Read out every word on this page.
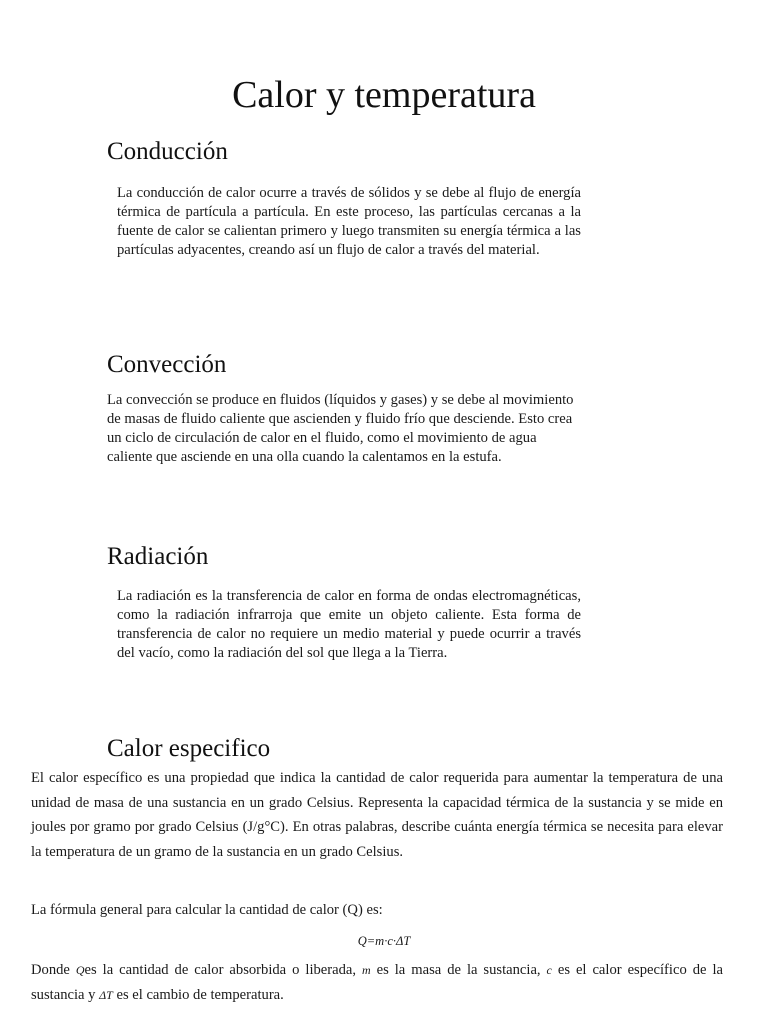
Calor y temperatura
Conducción
La conducción de calor ocurre a través de sólidos y se debe al flujo de energía térmica de partícula a partícula. En este proceso, las partículas cercanas a la fuente de calor se calientan primero y luego transmiten su energía térmica a las partículas adyacentes, creando así un flujo de calor a través del material.
Convección
La convección se produce en fluidos (líquidos y gases) y se debe al movimiento de masas de fluido caliente que ascienden y fluido frío que desciende. Esto crea un ciclo de circulación de calor en el fluido, como el movimiento de agua caliente que asciende en una olla cuando la calentamos en la estufa.
Radiación
La radiación es la transferencia de calor en forma de ondas electromagnéticas, como la radiación infrarroja que emite un objeto caliente. Esta forma de transferencia de calor no requiere un medio material y puede ocurrir a través del vacío, como la radiación del sol que llega a la Tierra.
Calor especifico
El calor específico es una propiedad que indica la cantidad de calor requerida para aumentar la temperatura de una unidad de masa de una sustancia en un grado Celsius. Representa la capacidad térmica de la sustancia y se mide en joules por gramo por grado Celsius (J/g°C). En otras palabras, describe cuánta energía térmica se necesita para elevar la temperatura de un gramo de la sustancia en un grado Celsius.
La fórmula general para calcular la cantidad de calor (Q) es:
Q=m·c·ΔT
Donde Qes la cantidad de calor absorbida o liberada, m es la masa de la sustancia, c es el calor específico de la sustancia y ΔT es el cambio de temperatura.
